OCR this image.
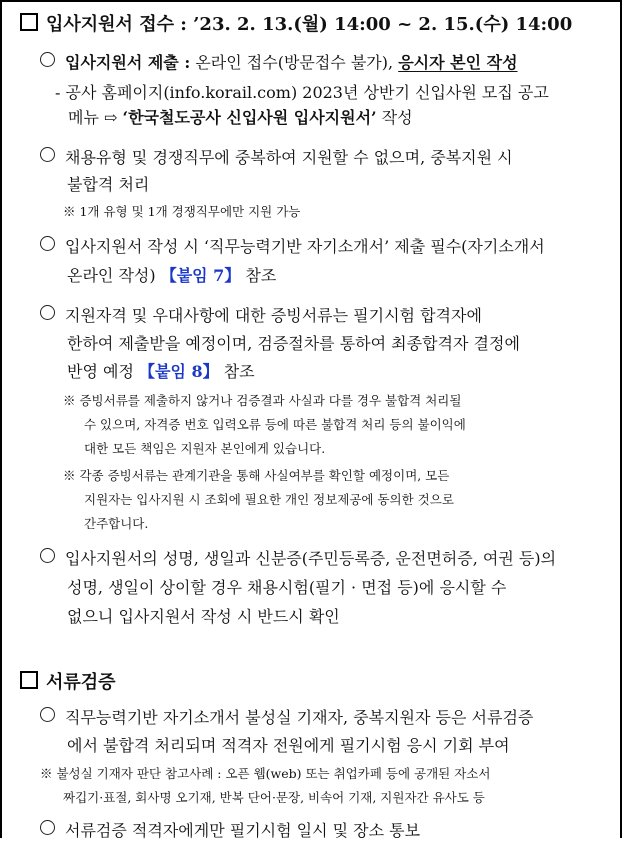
입사지원서 접수 : ’23. 2. 13.(월) 14:00 ~ 2. 15.(수) 14:00
입사지원서 제출 : 온라인 접수(방문접수 불가), 응시자 본인 작성
- 공사 홈페이지(info.korail.com) 2023년 상반기 신입사원 모집 공고
메뉴 ⇨ ‘한국철도공사 신입사원 입사지원서’ 작성
채용유형 및 경쟁직무에 중복하여 지원할 수 없으며, 중복지원 시
불합격 처리
※ 1개 유형 및 1개 경쟁직무에만 지원 가능
입사지원서 작성 시 ‘직무능력기반 자기소개서’ 제출 필수(자기소개서
온라인 작성) 【붙임 7】 참조
지원자격 및 우대사항에 대한 증빙서류는 필기시험 합격자에
한하여 제출받을 예정이며, 검증절차를 통하여 최종합격자 결정에
반영 예정 【붙임 8】 참조
※ 증빙서류를 제출하지 않거나 검증결과 사실과 다를 경우 불합격 처리될
수 있으며, 자격증 번호 입력오류 등에 따른 불합격 처리 등의 불이익에
대한 모든 책임은 지원자 본인에게 있습니다.
※ 각종 증빙서류는 관계기관을 통해 사실여부를 확인할 예정이며, 모든
지원자는 입사지원 시 조회에 필요한 개인 정보제공에 동의한 것으로
간주합니다.
입사지원서의 성명, 생일과 신분증(주민등록증, 운전면허증, 여권 등)의
성명, 생일이 상이할 경우 채용시험(필기 · 면접 등)에 응시할 수
없으니 입사지원서 작성 시 반드시 확인
서류검증
직무능력기반 자기소개서 불성실 기재자, 중복지원자 등은 서류검증
에서 불합격 처리되며 적격자 전원에게 필기시험 응시 기회 부여
※ 불성실 기재자 판단 참고사례 : 오픈 웹(web) 또는 취업카페 등에 공개된 자소서
짜깁기·표절, 회사명 오기재, 반복 단어·문장, 비속어 기재, 지원자간 유사도 등
서류검증 적격자에게만 필기시험 일시 및 장소 통보
